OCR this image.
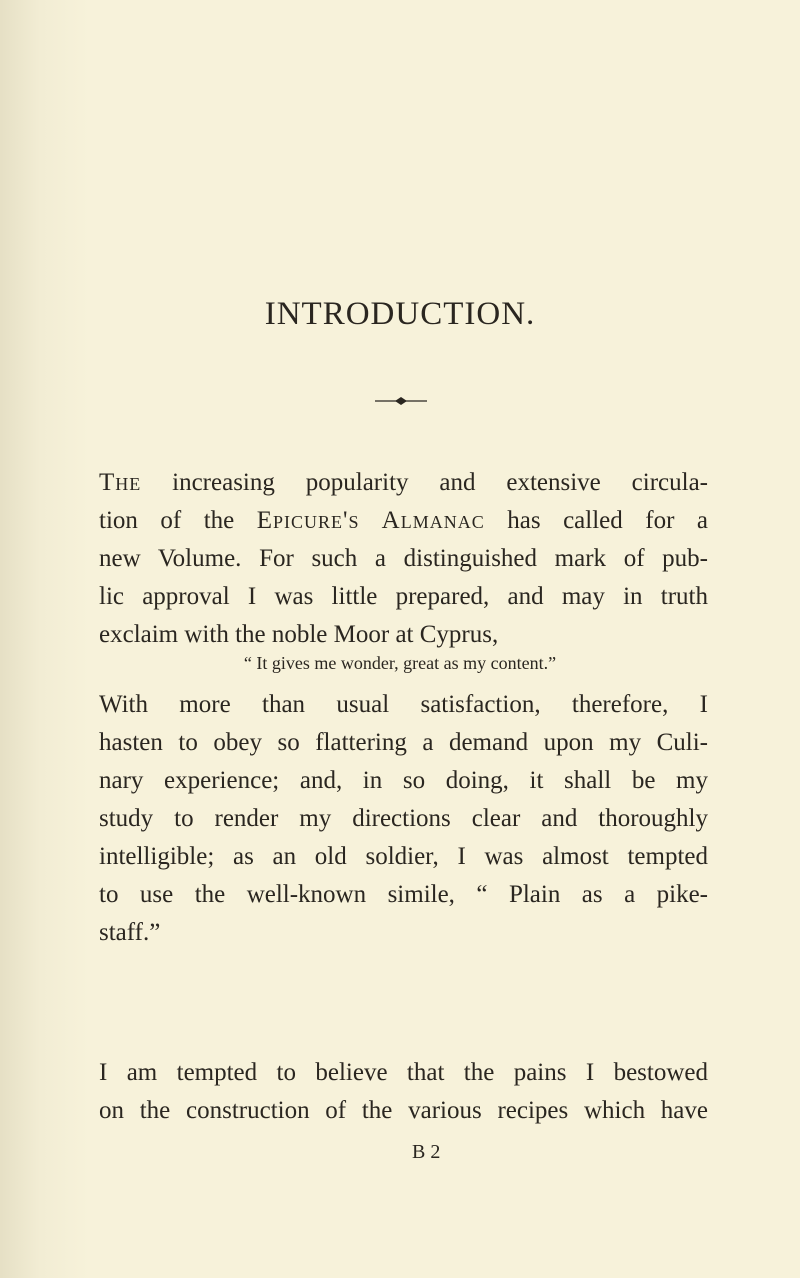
INTRODUCTION.
The increasing popularity and extensive circula-
tion of the Epicure's Almanac has called for a
new Volume. For such a distinguished mark of pub-
lic approval I was little prepared, and may in truth
exclaim with the noble Moor at Cyprus,

“ It gives me wonder, great as my content.”

With more than usual satisfaction, therefore, I
hasten to obey so flattering a demand upon my Culi-
nary experience; and, in so doing, it shall be my
study to render my directions clear and thoroughly
intelligible; as an old soldier, I was almost tempted
to use the well-known simile, “ Plain as a pike-
staff.”
I am tempted to believe that the pains I bestowed
on the construction of the various recipes which have

B 2
